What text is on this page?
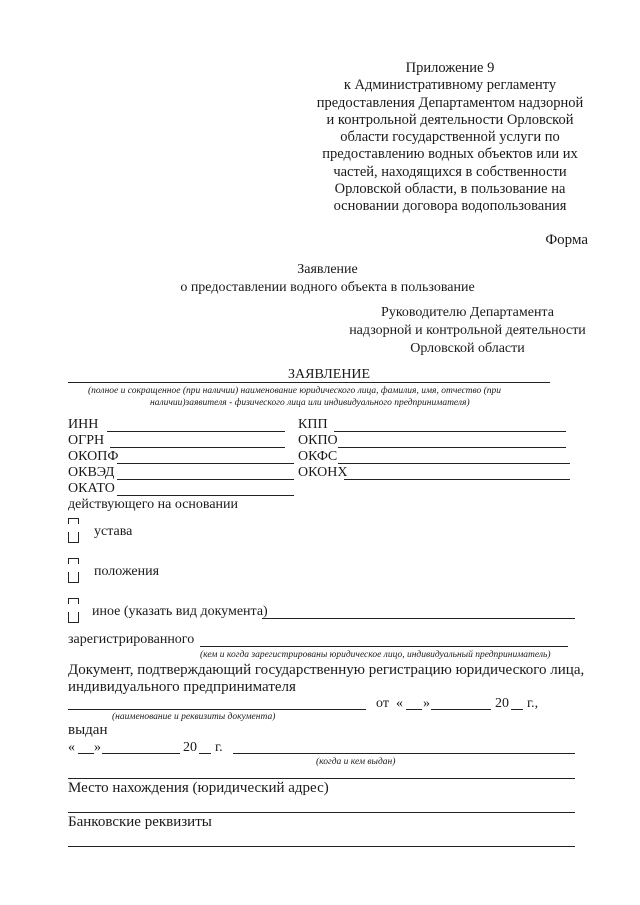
Приложение 9
к Административному регламенту
предоставления Департаментом надзорной
и контрольной деятельности Орловской
области государственной услуги по
предоставлению водных объектов или их
частей, находящихся в собственности
Орловской области, в пользование на
основании договора водопользования
Форма
Заявление
о предоставлении водного объекта в пользование
Руководителю Департамента
надзорной и контрольной деятельности
Орловской области
ЗАЯВЛЕНИЕ
(полное и сокращенное (при наличии) наименование юридического лица, фамилия, имя, отчество (при
наличии)заявителя - физического лица или индивидуального предпринимателя)
ИНН
ОГРН
ОКОПФ
ОКВЭД
ОКАТО
КПП
ОКПО
ОКФС
ОКОНХ
действующего на основании
устава
положения
иное (указать вид документа)
зарегистрированного
(кем и когда зарегистрированы юридическое лицо, индивидуальный предприниматель)
Документ, подтверждающий государственную регистрацию юридического лица,
индивидуального предпринимателя
от « »	20 г.,
(наименование и реквизиты документа)
выдан
« »	20 г.
(когда и кем выдан)
Место нахождения (юридический адрес)
Банковские реквизиты
